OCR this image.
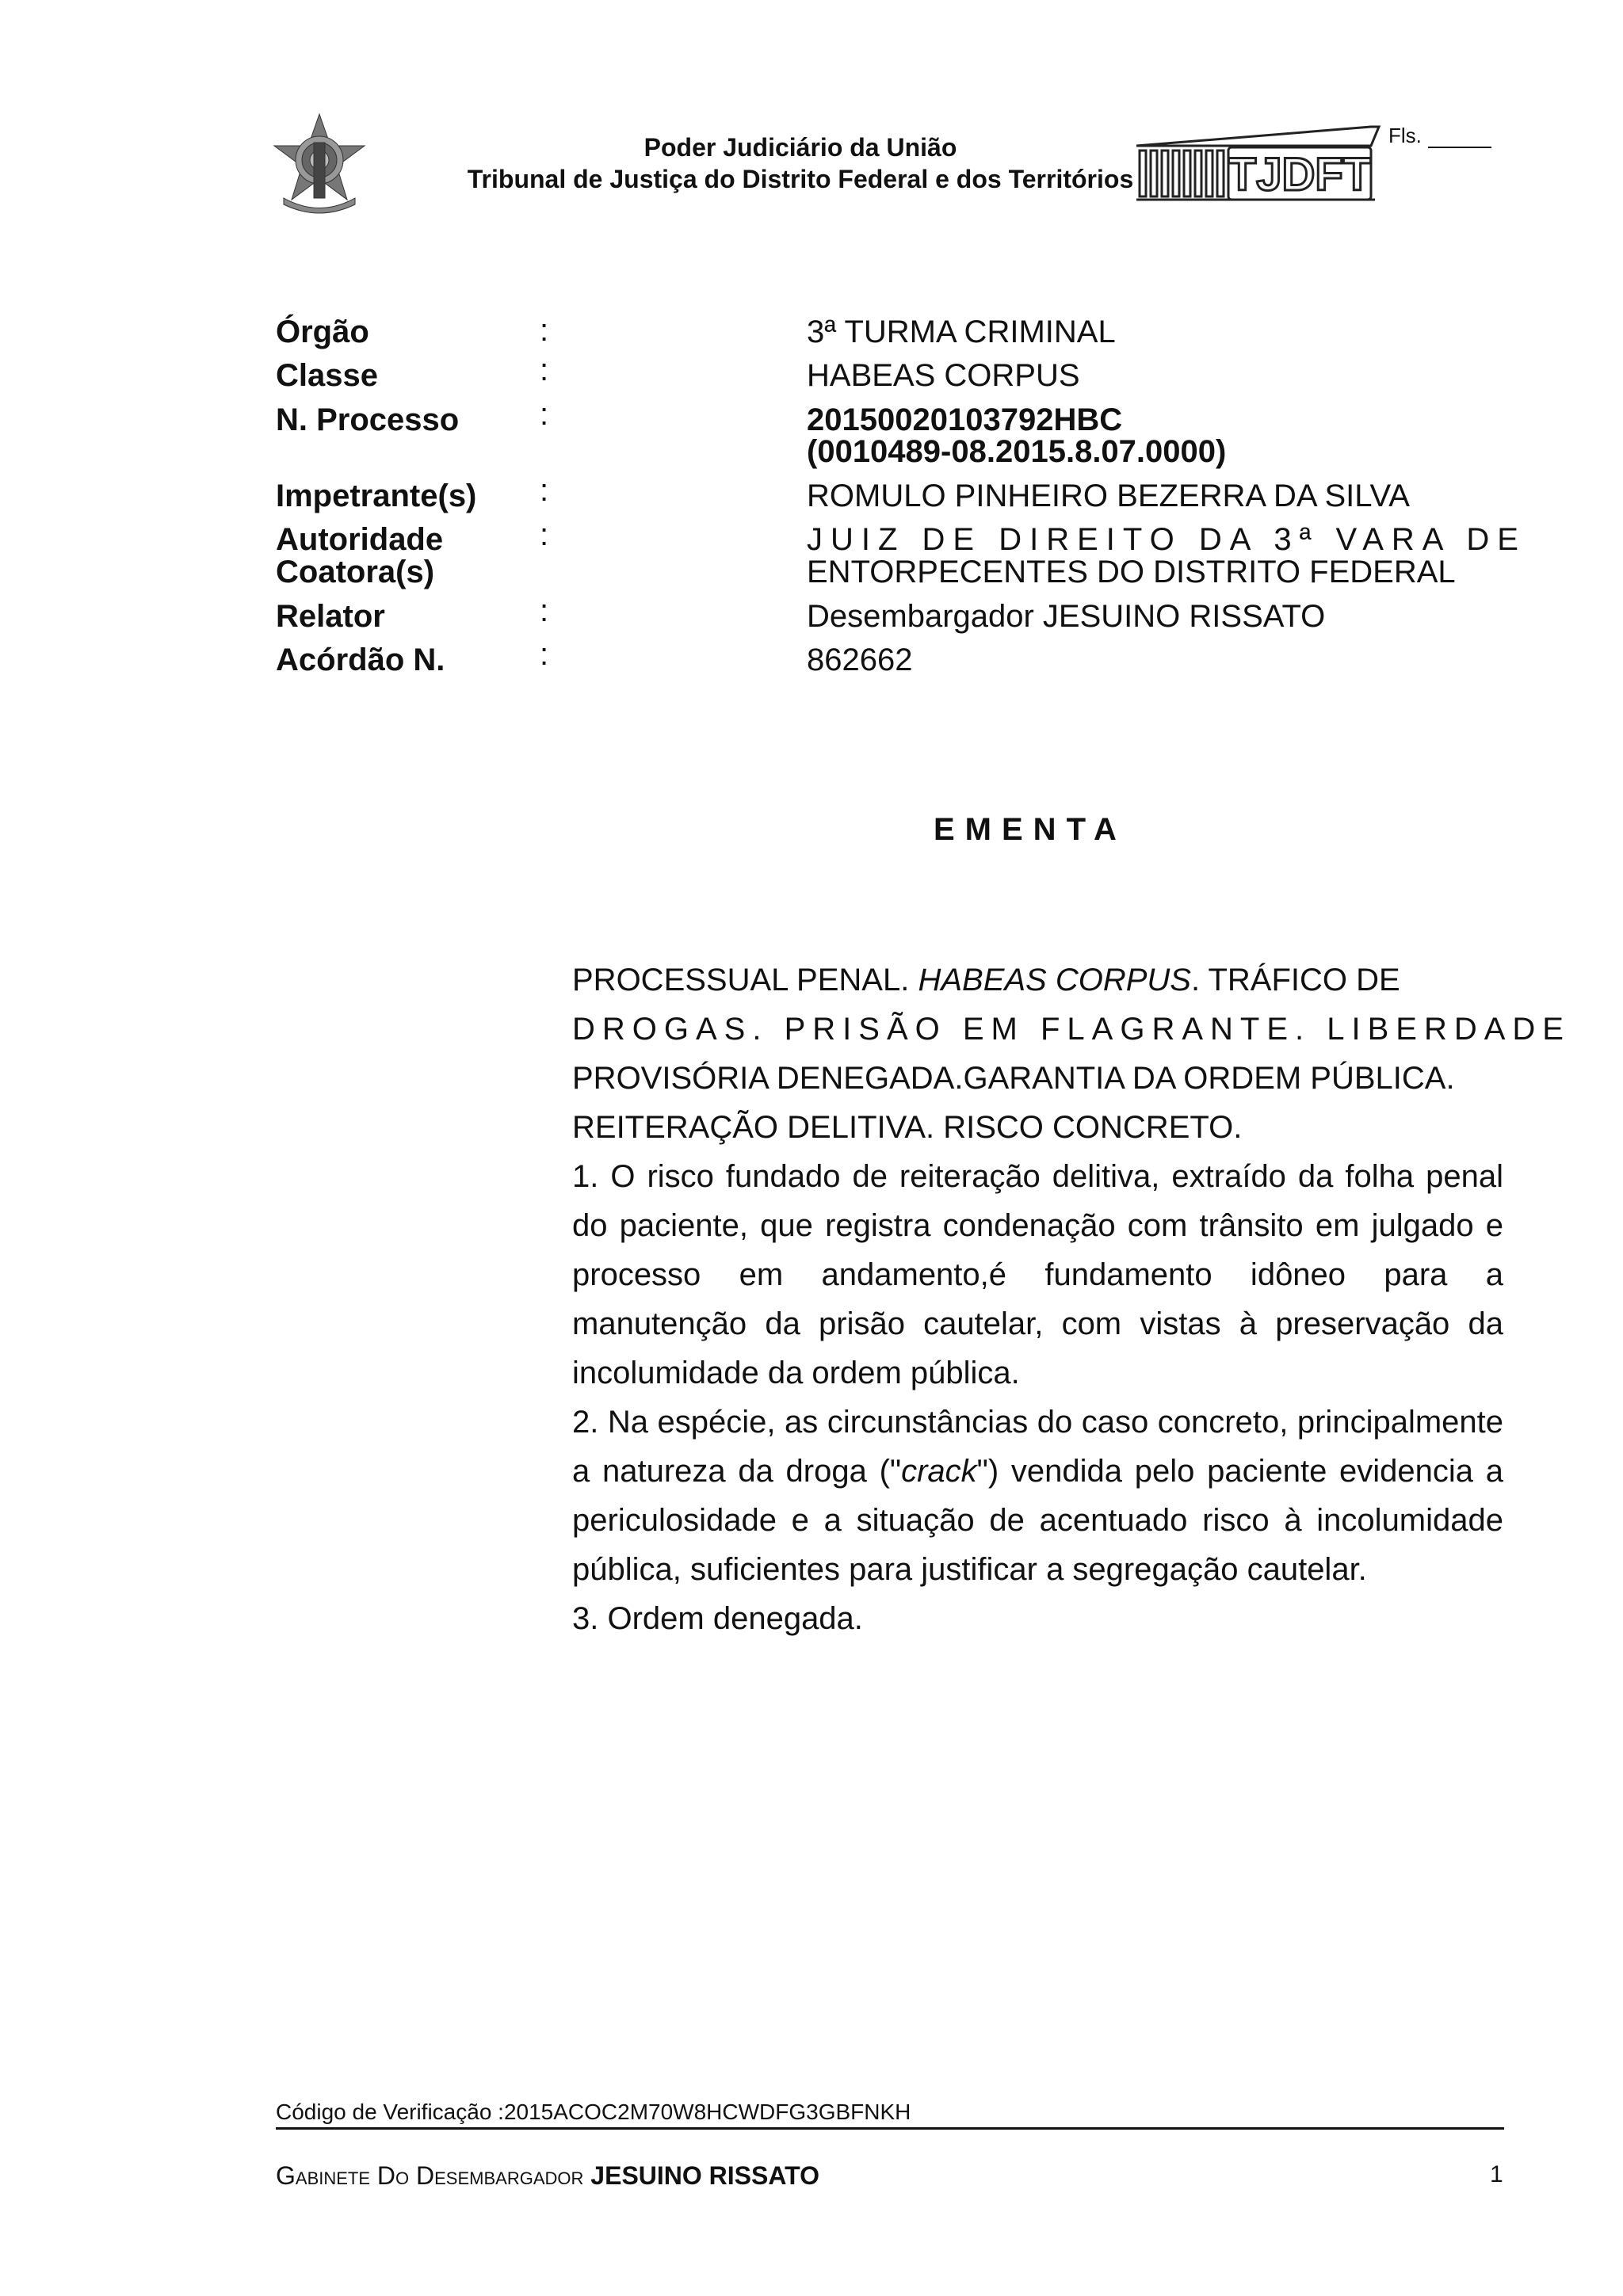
Poder Judiciário da União
Tribunal de Justiça do Distrito Federal e dos Territórios	TJDFT
Fls.
Órgão	:	3ª TURMA CRIMINAL
Classe	:	HABEAS CORPUS
N. Processo	:	20150020103792HBC
(0010489-08.2015.8.07.0000)
Impetrante(s) :	ROMULO PINHEIRO BEZERRA DA SILVA
Autoridade
Coatora(s)
:	JUIZ DE DIREITO DA 3ª VARA DE
ENTORPECENTES DO DISTRITO FEDERAL
Relator	:	Desembargador JESUINO RISSATO
Acórdão N.	:	862662
EMENTA

PROCESSUAL PENAL. HABEAS CORPUS. TRÁFICO DE

DROGAS. PRISÃO EM FLAGRANTE. LIBERDADE
PROVISÓRIA DENEGADA.GARANTIA DA ORDEM PÚBLICA.
REITERAÇÃO DELITIVA. RISCO CONCRETO.

1. O risco fundado de reiteração delitiva, extraído da folha penal do paciente, que registra condenação com trânsito em julgado e processo em andamento,é fundamento idôneo para a manutenção da prisão cautelar, com vistas à preservação da incolumidade da ordem pública.

2. Na espécie, as circunstâncias do caso concreto, principalmente a natureza da droga ("crack") vendida pelo paciente evidencia a periculosidade e a situação de acentuado risco à incolumidade pública, suficientes para justificar a segregação cautelar.

3. Ordem denegada.

Código de Verificação :2015ACOC2M70W8HCWDFG3GBFNKH
Gabinete Do Desembargador JESUINO RISSATO	1
